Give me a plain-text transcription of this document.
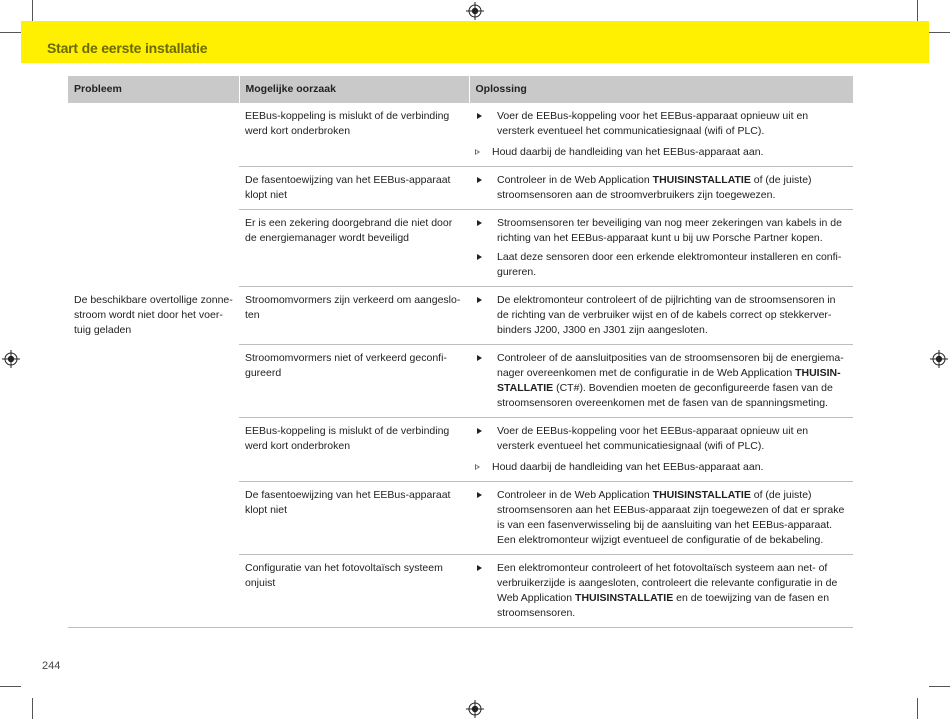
Start de eerste installatie
Probleem	Mogelijke oorzaak	Oplossing
	EEBus-koppeling is mislukt of de verbinding werd kort onderbroken	Voer de EEBus-koppeling voor het EEBus-apparaat opnieuw uit en versterk eventueel het communicatiesignaal (wifi of PLC).
Houd daarbij de handleiding van het EEBus-apparaat aan.

	De fasentoewijzing van het EEBus-apparaat klopt niet	Controleer in de Web Application THUISINSTALLATIE of (de juiste) stroomsensoren aan de stroomverbruikers zijn toegewezen.

	Er is een zekering doorgebrand die niet door de energiemanager wordt beveiligd	Stroomsensoren ter beveiliging van nog meer zekeringen van kabels in de richting van het EEBus-apparaat kunt u bij uw Porsche Partner kopen.
Laat deze sensoren door een erkende elektromonteur installeren en configureren.

De beschikbare overtollige zonnestroom wordt niet door het voertuig geladen	Stroomomvormers zijn verkeerd om aangesloten	De elektromonteur controleert of de pijlrichting van de stroomsensoren in de richting van de verbruiker wijst en of de kabels correct op stekkerverbinders J200, J300 en J301 zijn aangesloten.

	Stroomomvormers niet of verkeerd geconfigureerd	Controleer of de aansluitposities van de stroomsensoren bij de energiemanager overeenkomen met de configuratie in de Web Application THUISINSTALLATIE (CT#). Bovendien moeten de geconfigureerde fasen van de stroomsensoren overeenkomen met de fasen van de spanningsmeting.

	EEBus-koppeling is mislukt of de verbinding werd kort onderbroken	Voer de EEBus-koppeling voor het EEBus-apparaat opnieuw uit en versterk eventueel het communicatiesignaal (wifi of PLC).
Houd daarbij de handleiding van het EEBus-apparaat aan.

	De fasentoewijzing van het EEBus-apparaat klopt niet	Controleer in de Web Application THUISINSTALLATIE of (de juiste) stroomsensoren aan het EEBus-apparaat zijn toegewezen of dat er sprake is van een fasenverwisseling bij de aansluiting van het EEBus-apparaat. Een elektromonteur wijzigt eventueel de configuratie of de bekabeling.

	Configuratie van het fotovoltaïsch systeem onjuist	Een elektromonteur controleert of het fotovoltaïsch systeem aan net- of verbruikerzijde is aangesloten, controleert die relevante configuratie in de Web Application THUISINSTALLATIE en de toewijzing van de fasen en stroomsensoren.
244
